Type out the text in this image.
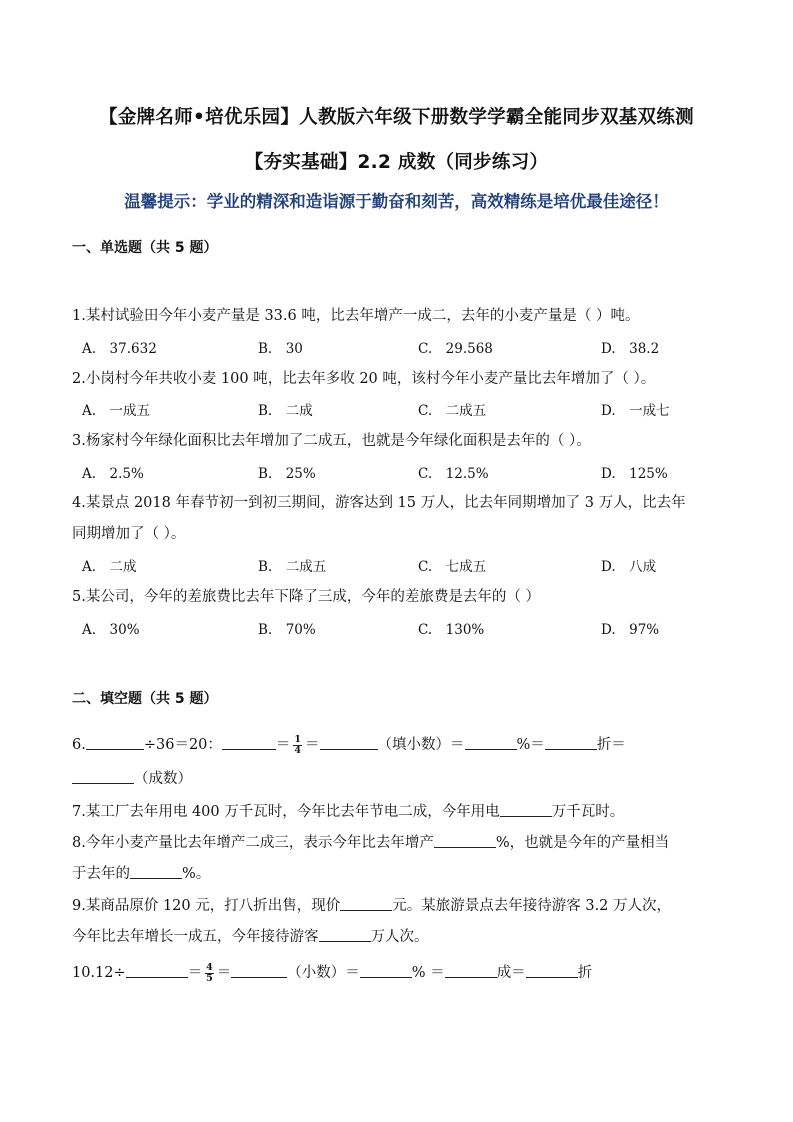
【金牌名师•培优乐园】人教版六年级下册数学学霸全能同步双基双练测
【夯实基础】2.2 成数（同步练习）
温馨提示：学业的精深和造诣源于勤奋和刻苦，高效精练是培优最佳途径！
一、单选题（共 5 题）
1.某村试验田今年小麦产量是 33.6 吨，比去年增产一成二，去年的小麦产量是（ ）吨。
A.　37.632	B.　30	C.　29.568	D.　38.2
2.小岗村今年共收小麦 100 吨，比去年多收 20 吨，该村今年小麦产量比去年增加了（ ）。
A.　一成五	B.　二成	C.　二成五	D.　一成七
3.杨家村今年绿化面积比去年增加了二成五，也就是今年绿化面积是去年的（ ）。
A.　2.5%	B.　25%	C.　12.5%	D.　125%
4.某景点 2018 年春节初一到初三期间，游客达到 15 万人，比去年同期增加了 3 万人，比去年
同期增加了（ ）。
A.　二成	B.　二成五	C.　七成五	D.　八成
5.某公司，今年的差旅费比去年下降了三成，今年的差旅费是去年的（ ）
A.　30%	B.　70%	C.　130%	D.　97%
二、填空题（共 5 题）
6.	÷36＝20：	＝ $\frac{1}{4}$ ＝	（填小数）＝	%＝	折＝
（成数）
7.某工厂去年用电 400 万千瓦时，今年比去年节电二成，今年用电	万千瓦时。
8.今年小麦产量比去年增产二成三，表示今年比去年增产	%，也就是今年的产量相当
于去年的	%。
9.某商品原价 120 元，打八折出售，现价	元。某旅游景点去年接待游客 3.2 万人次，
今年比去年增长一成五，今年接待游客	万人次。
10.12÷	＝ $\frac{4}{5}$ ＝	（小数）＝	% ＝	成＝	折
